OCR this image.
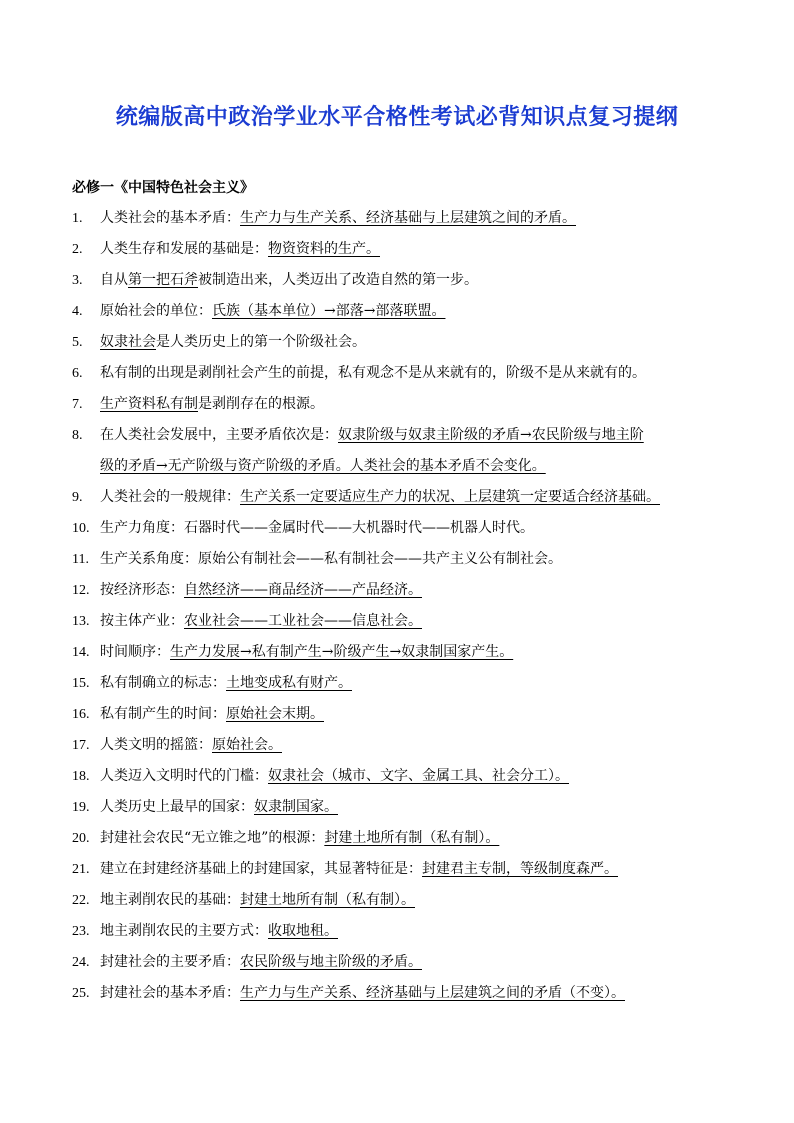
统编版高中政治学业水平合格性考试必背知识点复习提纲
必修一《中国特色社会主义》
1.	人类社会的基本矛盾：生产力与生产关系、经济基础与上层建筑之间的矛盾。
2.	人类生存和发展的基础是：物资资料的生产。
3.	自从第一把石斧被制造出来，人类迈出了改造自然的第一步。
4.	原始社会的单位：氏族（基本单位）→部落→部落联盟。
5.	奴隶社会是人类历史上的第一个阶级社会。
6.	私有制的出现是剥削社会产生的前提，私有观念不是从来就有的，阶级不是从来就有的。
7.	生产资料私有制是剥削存在的根源。
8.	在人类社会发展中，主要矛盾依次是：奴隶阶级与奴隶主阶级的矛盾→农民阶级与地主阶
级的矛盾→无产阶级与资产阶级的矛盾。人类社会的基本矛盾不会变化。
9.	人类社会的一般规律：生产关系一定要适应生产力的状况、上层建筑一定要适合经济基础。
10. 生产力角度：石器时代——金属时代——大机器时代——机器人时代。
11. 生产关系角度：原始公有制社会——私有制社会——共产主义公有制社会。
12. 按经济形态：自然经济——商品经济——产品经济。
13. 按主体产业：农业社会——工业社会——信息社会。
14. 时间顺序：生产力发展→私有制产生→阶级产生→奴隶制国家产生。
15. 私有制确立的标志：土地变成私有财产。
16. 私有制产生的时间：原始社会末期。
17. 人类文明的摇篮：原始社会。
18. 人类迈入文明时代的门槛：奴隶社会（城市、文字、金属工具、社会分工）。
19. 人类历史上最早的国家：奴隶制国家。
20. 封建社会农民“无立锥之地”的根源：封建土地所有制（私有制）。
21. 建立在封建经济基础上的封建国家，其显著特征是：封建君主专制，等级制度森严。
22. 地主剥削农民的基础：封建土地所有制（私有制）。
23. 地主剥削农民的主要方式：收取地租。
24. 封建社会的主要矛盾：农民阶级与地主阶级的矛盾。
25. 封建社会的基本矛盾：生产力与生产关系、经济基础与上层建筑之间的矛盾（不变）。
